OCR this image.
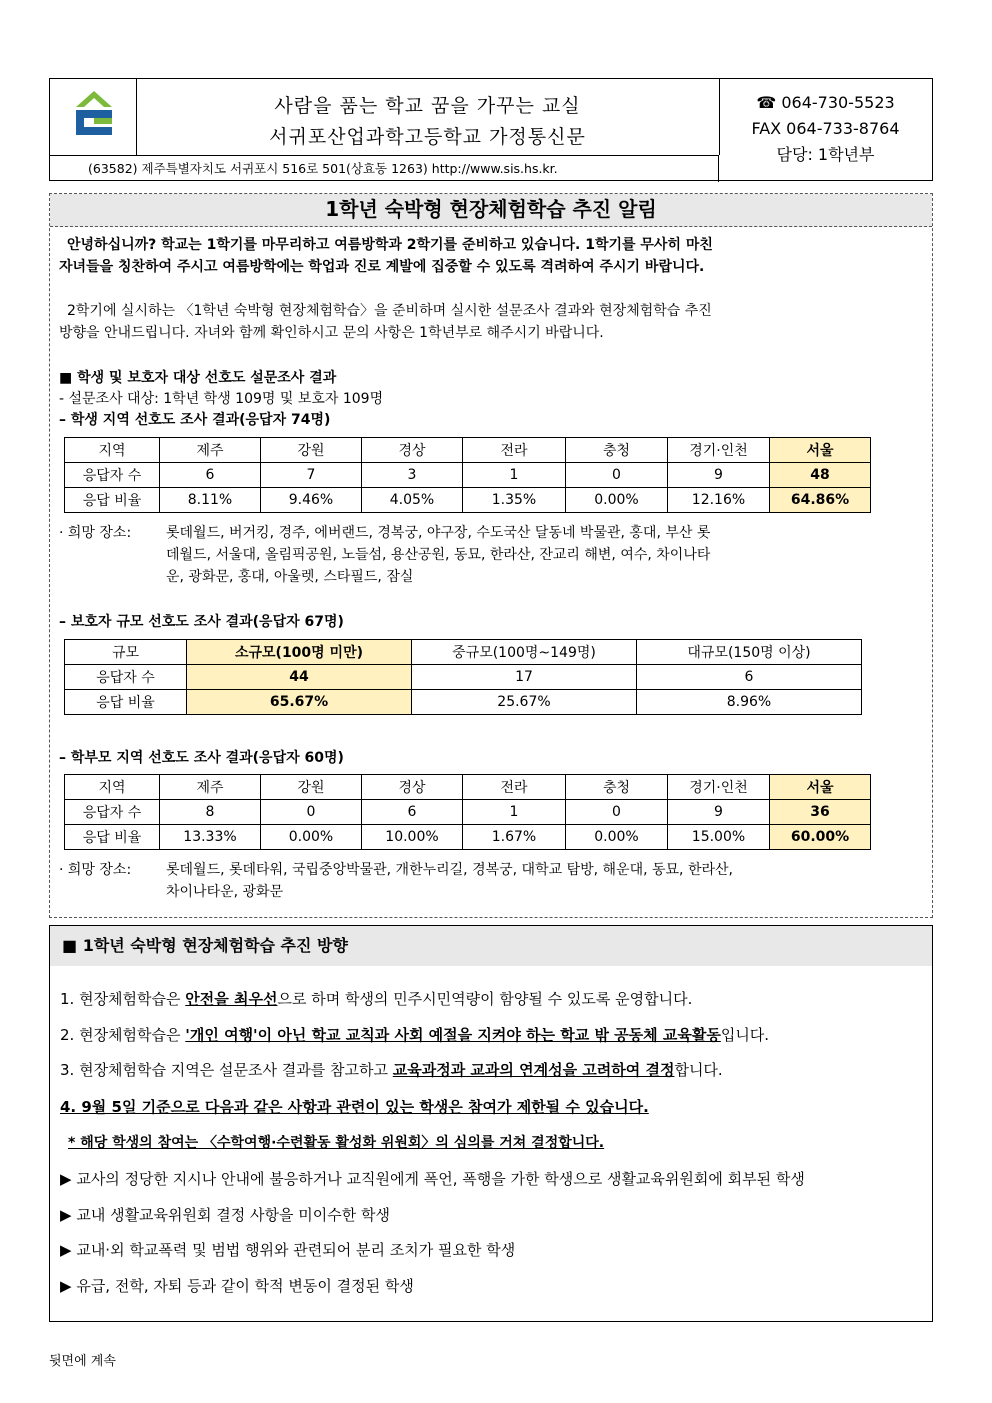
사람을 품는 학교 꿈을 가꾸는 교실
서귀포산업과학고등학교 가정통신문
(63582) 제주특별자치도 서귀포시 516로 501(상효동 1263) http://www.sis.hs.kr.
☎ 064-730-5523
FAX 064-733-8764
담당: 1학년부
1학년 숙박형 현장체험학습 추진 알림
안녕하십니까? 학교는 1학기를 마무리하고 여름방학과 2학기를 준비하고 있습니다. 1학기를 무사히 마친
자녀들을 칭찬하여 주시고 여름방학에는 학업과 진로 계발에 집중할 수 있도록 격려하여 주시기 바랍니다.
2학기에 실시하는 〈1학년 숙박형 현장체험학습〉을 준비하며 실시한 설문조사 결과와 현장체험학습 추진
방향을 안내드립니다. 자녀와 함께 확인하시고 문의 사항은 1학년부로 해주시기 바랍니다.
■ 학생 및 보호자 대상 선호도 설문조사 결과
- 설문조사 대상: 1학년 학생 109명 및 보호자 109명
– 학생 지역 선호도 조사 결과(응답자 74명)
지역	제주	강원	경상	전라	충청	경기·인천	서울
응답자 수	6	7	3	1	0	9	48
응답 비율	8.11%	9.46%	4.05%	1.35%	0.00%	12.16%	64.86%
· 희망 장소: 롯데월드, 버거킹, 경주, 에버랜드, 경복궁, 야구장, 수도국산 달동네 박물관, 홍대, 부산 롯
데월드, 서울대, 올림픽공원, 노들섬, 용산공원, 동묘, 한라산, 잔교리 해변, 여수, 차이나타
운, 광화문, 홍대, 아울렛, 스타필드, 잠실
– 보호자 규모 선호도 조사 결과(응답자 67명)
규모	소규모(100명 미만)	중규모(100명~149명)	대규모(150명 이상)
응답자 수	44	17	6
응답 비율	65.67%	25.67%	8.96%
– 학부모 지역 선호도 조사 결과(응답자 60명)
지역	제주	강원	경상	전라	충청	경기·인천	서울
응답자 수	8	0	6	1	0	9	36
응답 비율	13.33%	0.00%	10.00%	1.67%	0.00%	15.00%	60.00%
· 희망 장소: 롯데월드, 롯데타워, 국립중앙박물관, 개한누리길, 경복궁, 대학교 탐방, 해운대, 동묘, 한라산,
차이나타운, 광화문
■ 1학년 숙박형 현장체험학습 추진 방향
1. 현장체험학습은 안전을 최우선으로 하며 학생의 민주시민역량이 함양될 수 있도록 운영합니다.
2. 현장체험학습은 '개인 여행'이 아닌 학교 교칙과 사회 예절을 지켜야 하는 학교 밖 공동체 교육활동입니다.
3. 현장체험학습 지역은 설문조사 결과를 참고하고 교육과정과 교과의 연계성을 고려하여 결정합니다.
4. 9월 5일 기준으로 다음과 같은 사항과 관련이 있는 학생은 참여가 제한될 수 있습니다.
* 해당 학생의 참여는 〈수학여행·수련활동 활성화 위원회〉의 심의를 거쳐 결정합니다.
▶ 교사의 정당한 지시나 안내에 불응하거나 교직원에게 폭언, 폭행을 가한 학생으로 생활교육위원회에 회부된 학생
▶ 교내 생활교육위원회 결정 사항을 미이수한 학생
▶ 교내·외 학교폭력 및 범법 행위와 관련되어 분리 조치가 필요한 학생
▶ 유급, 전학, 자퇴 등과 같이 학적 변동이 결정된 학생
뒷면에 계속
